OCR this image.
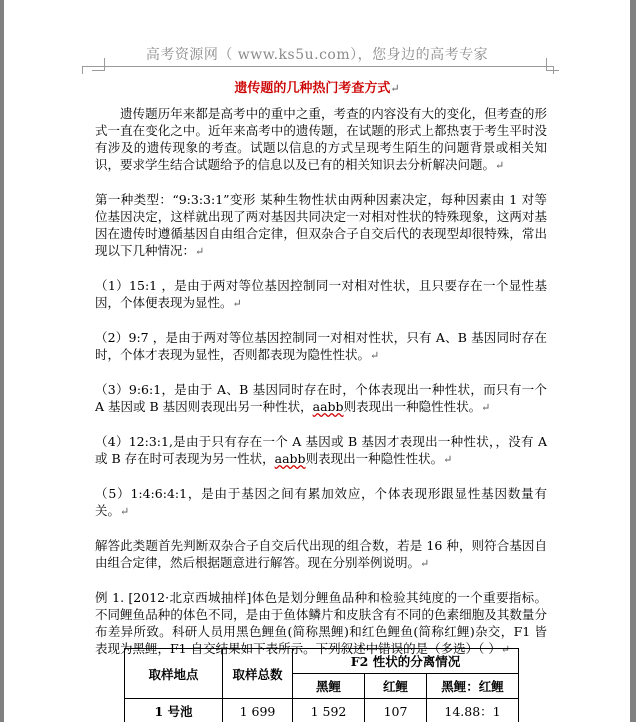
高考资源网（ www.ks5u.com），您身边的高考专家
遗传题的几种热门考查方式↵

遗传题历年来都是高考中的重中之重，考查的内容没有大的变化，但考查的形式一直在变化之中。近年来高考中的遗传题，在试题的形式上都热衷于考生平时没有涉及的遗传现象的考查。试题以信息的方式呈现考生陌生的问题背景或相关知识，要求学生结合试题给予的信息以及已有的相关知识去分析解决问题。↵

第一种类型：“9:3:3:1”变形 某种生物性状由两种因素决定，每种因素由 1 对等位基因决定，这样就出现了两对基因共同决定一对相对性状的特殊现象，这两对基因在遗传时遵循基因自由组合定律，但双杂合子自交后代的表现型却很特殊，常出现以下几种情况：↵

（1）15:1 ，是由于两对等位基因控制同一对相对性状，且只要存在一个显性基因，个体便表现为显性。↵

（2）9:7 ，是由于两对等位基因控制同一对相对性状，只有 A、B 基因同时存在时，个体才表现为显性，否则都表现为隐性性状。↵

（3）9:6:1，是由于 A、B 基因同时存在时，个体表现出一种性状，而只有一个 A 基因或 B 基因则表现出另一种性状，aabb则表现出一种隐性性状。↵

（4）12:3:1,是由于只有存在一个 A 基因或 B 基因才表现出一种性状，，没有 A 或 B 存在时可表现为另一性状，aabb则表现出一种隐性性状。↵

（5）1:4:6:4:1，是由于基因之间有累加效应，个体表现形跟显性基因数量有关。↵

解答此类题首先判断双杂合子自交后代出现的组合数，若是 16 种，则符合基因自由组合定律，然后根据题意进行解答。现在分别举例说明。↵

例 1. [2012·北京西城抽样]体色是划分鲤鱼品种和检验其纯度的一个重要指标。不同鲤鱼品种的体色不同，是由于鱼体鳞片和皮肤含有不同的色素细胞及其数量分布差异所致。科研人员用黑色鲤鱼(简称黑鲤)和红色鲤鱼(简称红鲤)杂交，F1 皆表现为黑鲤，F1 自交结果如下表所示。下列叙述中错误的是（多选）（ ）↵

取样地点	取样总数	F2 性状的分离情况		
		黑鲤	红鲤	黑鲤：红鲤
1 号池	1 699	1 592	107	14.88：1
